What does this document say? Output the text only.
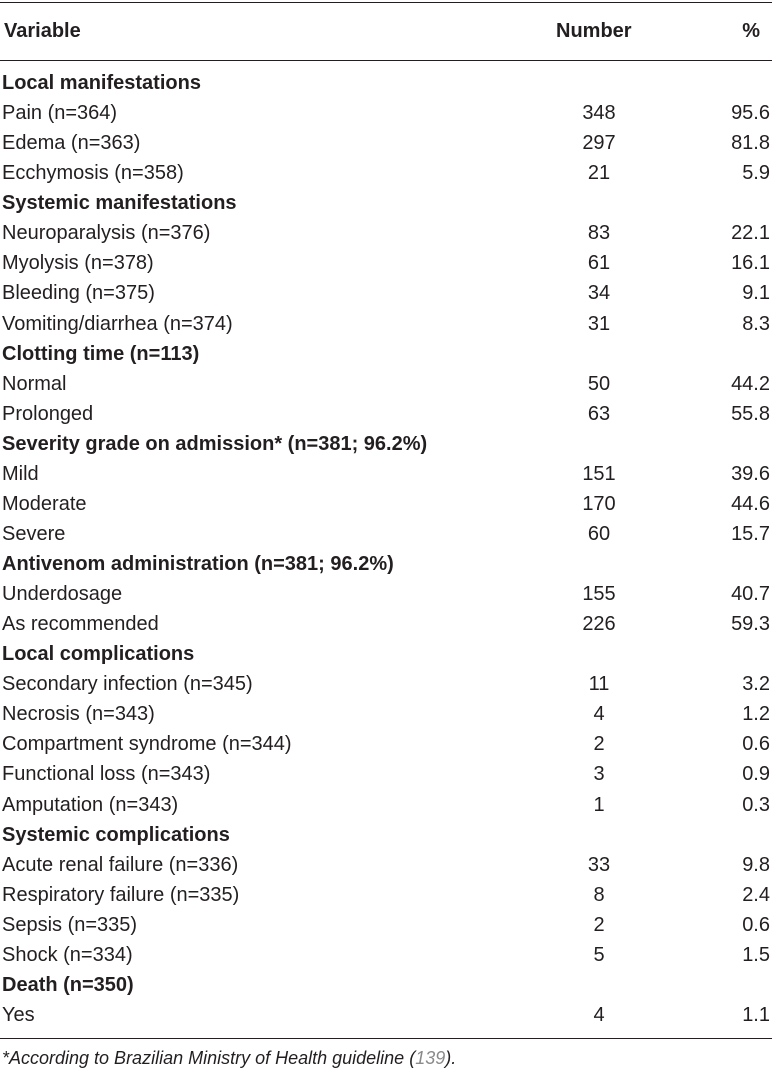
Variable	Number	%
Local manifestations
Pain (n=364)	348	95.6
Edema (n=363)	297	81.8
Ecchymosis (n=358)	21	5.9
Systemic manifestations
Neuroparalysis (n=376)	83	22.1
Myolysis (n=378)	61	16.1
Bleeding (n=375)	34	9.1
Vomiting/diarrhea (n=374)	31	8.3
Clotting time (n=113)
Normal	50	44.2
Prolonged	63	55.8
Severity grade on admission* (n=381; 96.2%)
Mild	151	39.6
Moderate	170	44.6
Severe	60	15.7
Antivenom administration (n=381; 96.2%)
Underdosage	155	40.7
As recommended	226	59.3
Local complications
Secondary infection (n=345)	11	3.2
Necrosis (n=343)	4	1.2
Compartment syndrome (n=344)	2	0.6
Functional loss (n=343)	3	0.9
Amputation (n=343)	1	0.3
Systemic complications
Acute renal failure (n=336)	33	9.8
Respiratory failure (n=335)	8	2.4
Sepsis (n=335)	2	0.6
Shock (n=334)	5	1.5
Death (n=350)
Yes	4	1.1
*According to Brazilian Ministry of Health guideline (139).
